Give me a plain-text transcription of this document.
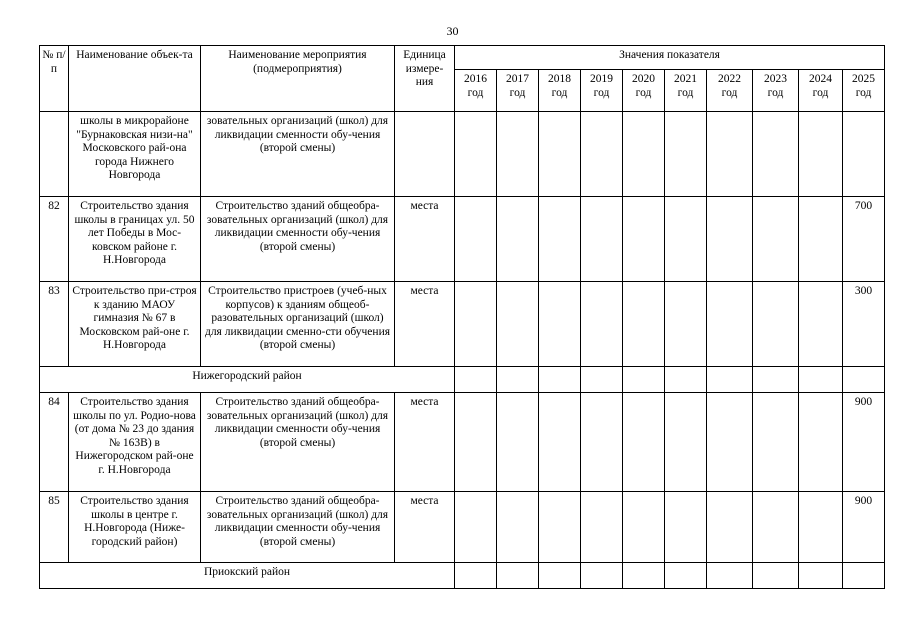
30
№ п/п	Наименование объек-та	Наименование мероприятия (подмероприятия)	Единица измере-ния	Значения показателя									
				2016 год	2017 год	2018 год	2019 год	2020 год	2021 год	2022 год	2023 год	2024 год	2025 год
	школы в микрорайоне "Бурнаковская низи-на" Московского рай-она города Нижнего Новгорода	зовательных организаций (школ) для ликвидации сменности обу-чения (второй смены)											
82	Строительство здания школы в границах ул. 50 лет Победы в Мос-ковском районе г. Н.Новгорода	Строительство зданий общеобра-зовательных организаций (школ) для ликвидации сменности обу-чения (второй смены)	места										700
83	Строительство при-строя к зданию МАОУ гимназия № 67 в Московском рай-оне г. Н.Новгорода	Строительство пристроев (учеб-ных корпусов) к зданиям общеоб-разовательных организаций (школ) для ликвидации сменно-сти обучения (второй смены)	места										300
Нижегородский район													
84	Строительство здания школы по ул. Родио-нова (от дома № 23 до здания № 163В) в Нижегородском рай-оне г. Н.Новгорода	Строительство зданий общеобра-зовательных организаций (школ) для ликвидации сменности обу-чения (второй смены)	места										900
85	Строительство здания школы в центре г. Н.Новгорода (Ниже-городский район)	Строительство зданий общеобра-зовательных организаций (школ) для ликвидации сменности обу-чения (второй смены)	места										900
Приокский район													
